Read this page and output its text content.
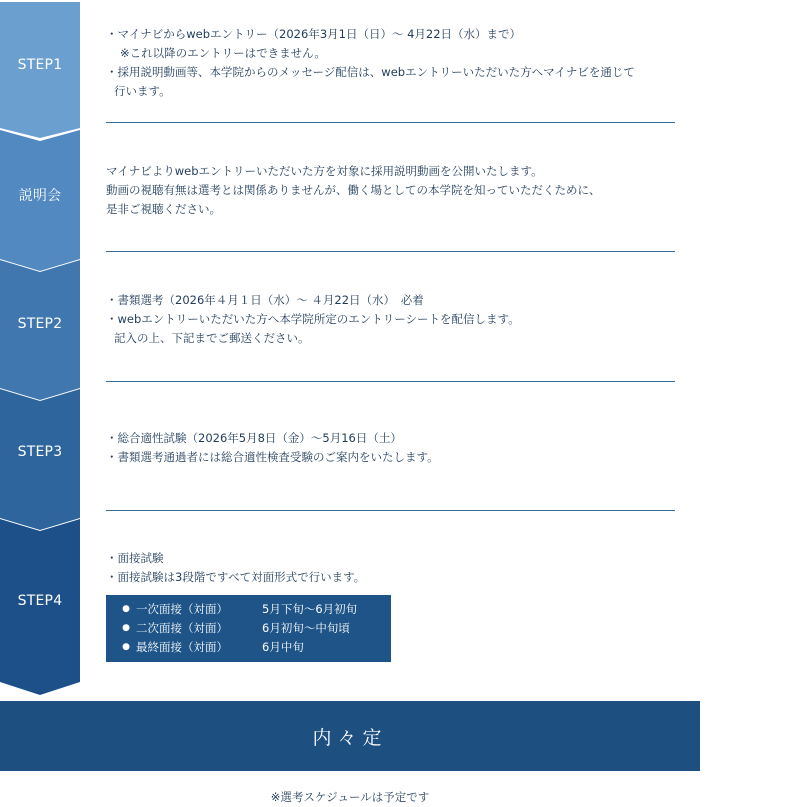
STEP1
説明会
STEP2
STEP3
STEP4

・マイナビからwebエントリー（2026年3月1日（日）～ 4月22日（水）まで）

※これ以降のエントリーはできません。

・採用説明動画等、本学院からのメッセージ配信は、webエントリーいただいた方へマイナビを通じて

行います。

マイナビよりwebエントリーいただいた方を対象に採用説明動画を公開いたします。

動画の視聴有無は選考とは関係ありませんが、働く場としての本学院を知っていただくために、

是非ご視聴ください。

・書類選考（2026年４月１日（水）～ ４月22日（水）　必着

・webエントリーいただいた方へ本学院所定のエントリーシートを配信します。

記入の上、下記までご郵送ください。

・総合適性試験（2026年5月8日（金）～5月16日（土）

・書類選考通過者には総合適性検査受験のご案内をいたします。

・面接試験

・面接試験は3段階ですべて対面形式で行います。

● 一次面接（対面）	5月下旬～6月初旬
● 二次面接（対面）	6月初旬～中旬頃
● 最終面接（対面）	6月中旬
内々定
※選考スケジュールは予定です
